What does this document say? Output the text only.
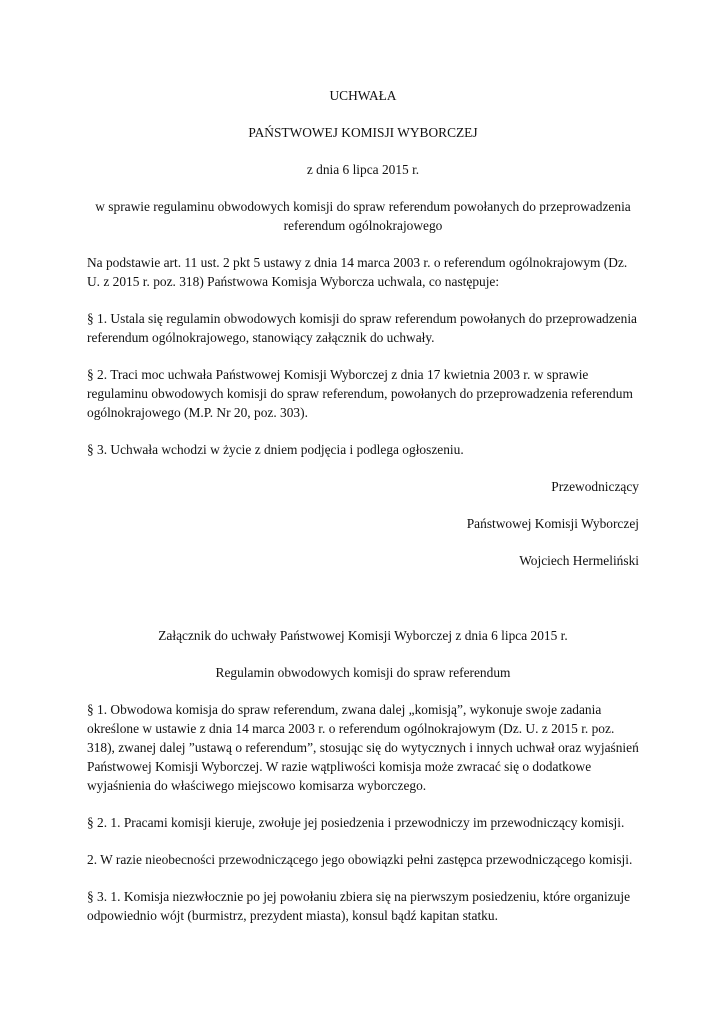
UCHWAŁA

PAŃSTWOWEJ KOMISJI WYBORCZEJ

z dnia 6 lipca 2015 r.

w sprawie regulaminu obwodowych komisji do spraw referendum powołanych do przeprowadzenia referendum ogólnokrajowego

Na podstawie art. 11 ust. 2 pkt 5 ustawy z dnia 14 marca 2003 r. o referendum ogólnokrajowym (Dz. U. z 2015 r. poz. 318) Państwowa Komisja Wyborcza uchwala, co następuje:

§ 1. Ustala się regulamin obwodowych komisji do spraw referendum powołanych do przeprowadzenia referendum ogólnokrajowego, stanowiący załącznik do uchwały.

§ 2. Traci moc uchwała Państwowej Komisji Wyborczej z dnia 17 kwietnia 2003 r. w sprawie regulaminu obwodowych komisji do spraw referendum, powołanych do przeprowadzenia referendum ogólnokrajowego (M.P. Nr 20, poz. 303).

§ 3. Uchwała wchodzi w życie z dniem podjęcia i podlega ogłoszeniu.

Przewodniczący

Państwowej Komisji Wyborczej

Wojciech Hermeliński

Załącznik do uchwały Państwowej Komisji Wyborczej z dnia 6 lipca 2015 r.

Regulamin obwodowych komisji do spraw referendum

§ 1. Obwodowa komisja do spraw referendum, zwana dalej „komisją”, wykonuje swoje zadania określone w ustawie z dnia 14 marca 2003 r. o referendum ogólnokrajowym (Dz. U. z 2015 r. poz. 318), zwanej dalej ”ustawą o referendum”, stosując się do wytycznych i innych uchwał oraz wyjaśnień Państwowej Komisji Wyborczej. W razie wątpliwości komisja może zwracać się o dodatkowe wyjaśnienia do właściwego miejscowo komisarza wyborczego.

§ 2. 1. Pracami komisji kieruje, zwołuje jej posiedzenia i przewodniczy im przewodniczący komisji.

2. W razie nieobecności przewodniczącego jego obowiązki pełni zastępca przewodniczącego komisji.

§ 3. 1. Komisja niezwłocznie po jej powołaniu zbiera się na pierwszym posiedzeniu, które organizuje odpowiednio wójt (burmistrz, prezydent miasta), konsul bądź kapitan statku.
